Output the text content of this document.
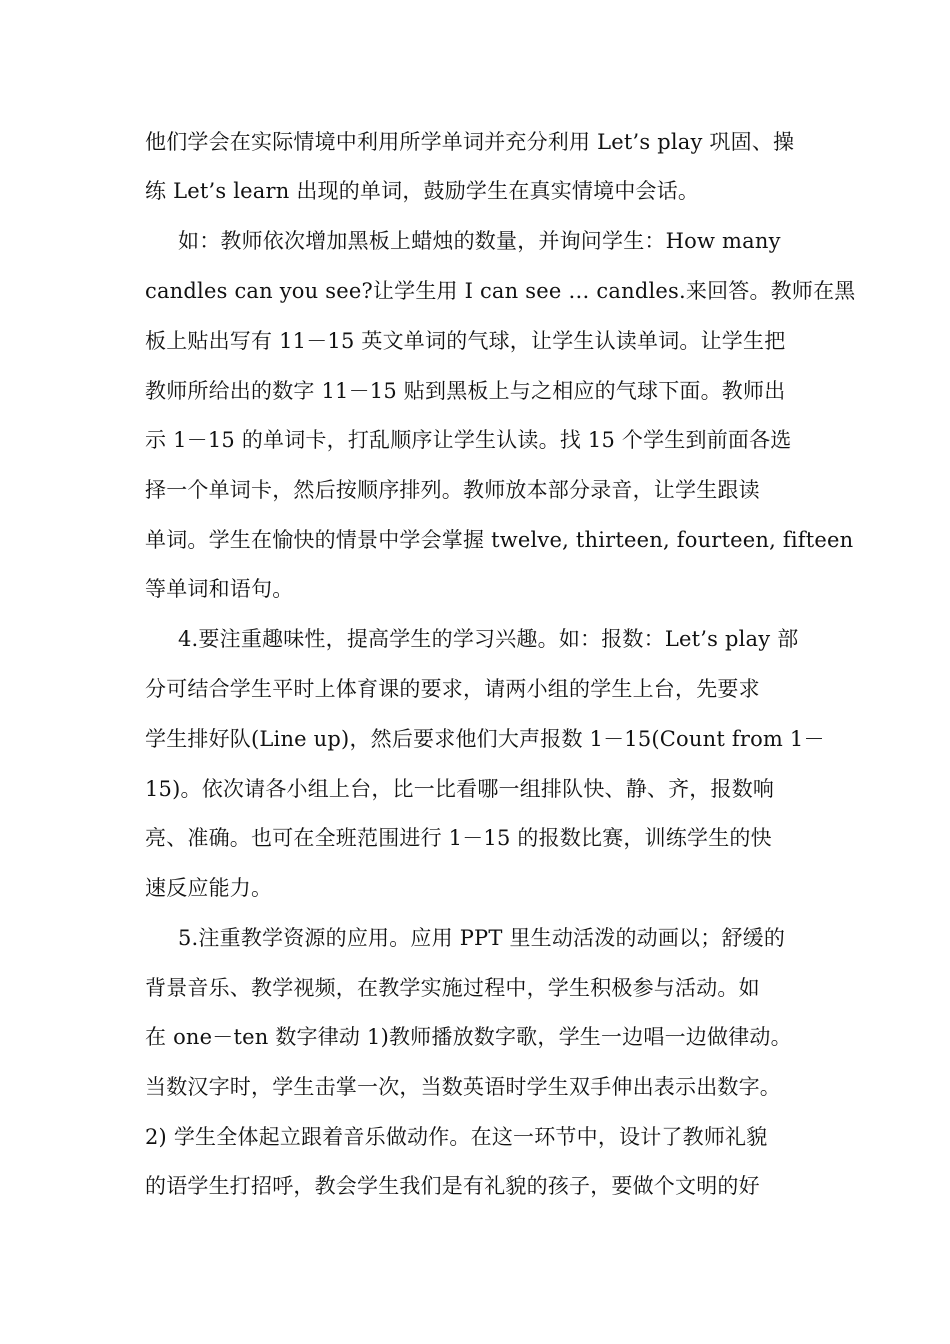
他们学会在实际情境中利用所学单词并充分利用 Let’s play 巩固、操
练 Let’s learn 出现的单词，鼓励学生在真实情境中会话。
如：教师依次增加黑板上蜡烛的数量，并询问学生：How many
candles can you see?让学生用 I can see … candles.来回答。教师在黑
板上贴出写有 11－15 英文单词的气球，让学生认读单词。让学生把
教师所给出的数字 11－15 贴到黑板上与之相应的气球下面。教师出
示 1－15 的单词卡，打乱顺序让学生认读。找 15 个学生到前面各选
择一个单词卡，然后按顺序排列。教师放本部分录音，让学生跟读
单词。学生在愉快的情景中学会掌握 twelve, thirteen, fourteen, fifteen
等单词和语句。
4.要注重趣味性，提高学生的学习兴趣。如：报数：Let’s play 部
分可结合学生平时上体育课的要求，请两小组的学生上台，先要求
学生排好队(Line up)，然后要求他们大声报数 1－15(Count from 1－
15)。依次请各小组上台，比一比看哪一组排队快、静、齐，报数响
亮、准确。也可在全班范围进行 1－15 的报数比赛，训练学生的快
速反应能力。
5.注重教学资源的应用。应用 PPT 里生动活泼的动画以；舒缓的
背景音乐、教学视频，在教学实施过程中，学生积极参与活动。如
在 one－ten 数字律动 1)教师播放数字歌，学生一边唱一边做律动。
当数汉字时，学生击掌一次，当数英语时学生双手伸出表示出数字。
2) 学生全体起立跟着音乐做动作。在这一环节中，设计了教师礼貌
的语学生打招呼，教会学生我们是有礼貌的孩子，要做个文明的好
